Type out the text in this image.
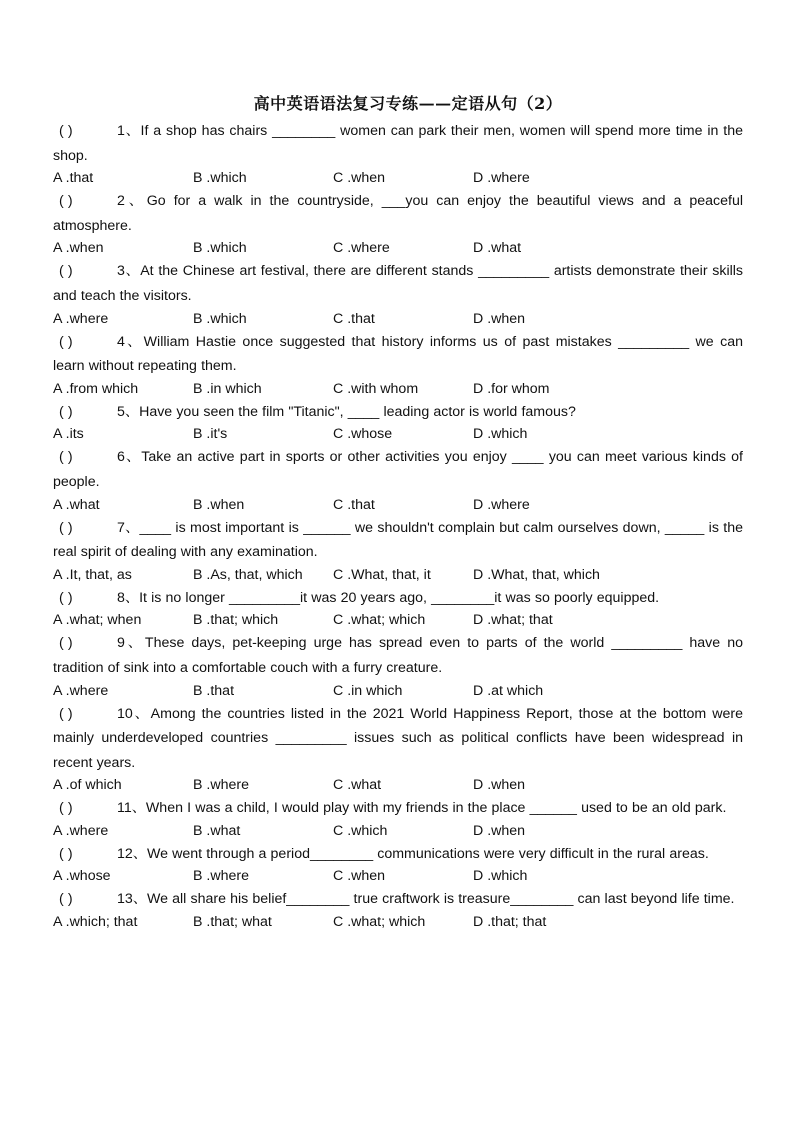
高中英语语法复习专练——定语从句（2）
( )	1、If a shop has chairs ________ women can park their men, women will spend more time in the shop.
A .that	B .which	C .when	D .where
( )	2、Go for a walk in the countryside, ___you can enjoy the beautiful views and a peaceful atmosphere.
A .when	B .which	C .where	D .what
( )	3、At the Chinese art festival, there are different stands _________ artists demonstrate their skills and teach the visitors.
A .where	B .which	C .that	D .when
( )	4、William Hastie once suggested that history informs us of past mistakes _________ we can learn without repeating them.
A .from which	B .in which	C .with whom	D .for whom
( )	5、Have you seen the film "Titanic", ____ leading actor is world famous?
A .its	B .it's	C .whose	D .which
( )	6、Take an active part in sports or other activities you enjoy ____ you can meet various kinds of people.
A .what	B .when	C .that	D .where
( )	7、____ is most important is ______ we shouldn't complain but calm ourselves down, _____ is the real spirit of dealing with any examination.
A .It, that, as	B .As, that, which	C .What, that, it	D .What, that, which
( )	8、It is no longer _________it was 20 years ago, ________it was so poorly equipped.
A .what; when	B .that; which	C .what; which	D .what; that
( )	9、These days, pet-keeping urge has spread even to parts of the world _________ have no tradition of sink into a comfortable couch with a furry creature.
A .where	B .that	C .in which	D .at which
( )	10、Among the countries listed in the 2021 World Happiness Report, those at the bottom were mainly underdeveloped countries _________ issues such as political conflicts have been widespread in recent years.
A .of which	B .where	C .what	D .when
( )	11、When I was a child, I would play with my friends in the place ______ used to be an old park.
A .where	B .what	C .which	D .when
( )	12、We went through a period________ communications were very difficult in the rural areas.
A .whose	B .where	C .when	D .which
( )	13、We all share his belief________ true craftwork is treasure________ can last beyond life time.
A .which; that	B .that; what	C .what; which	D .that; that
